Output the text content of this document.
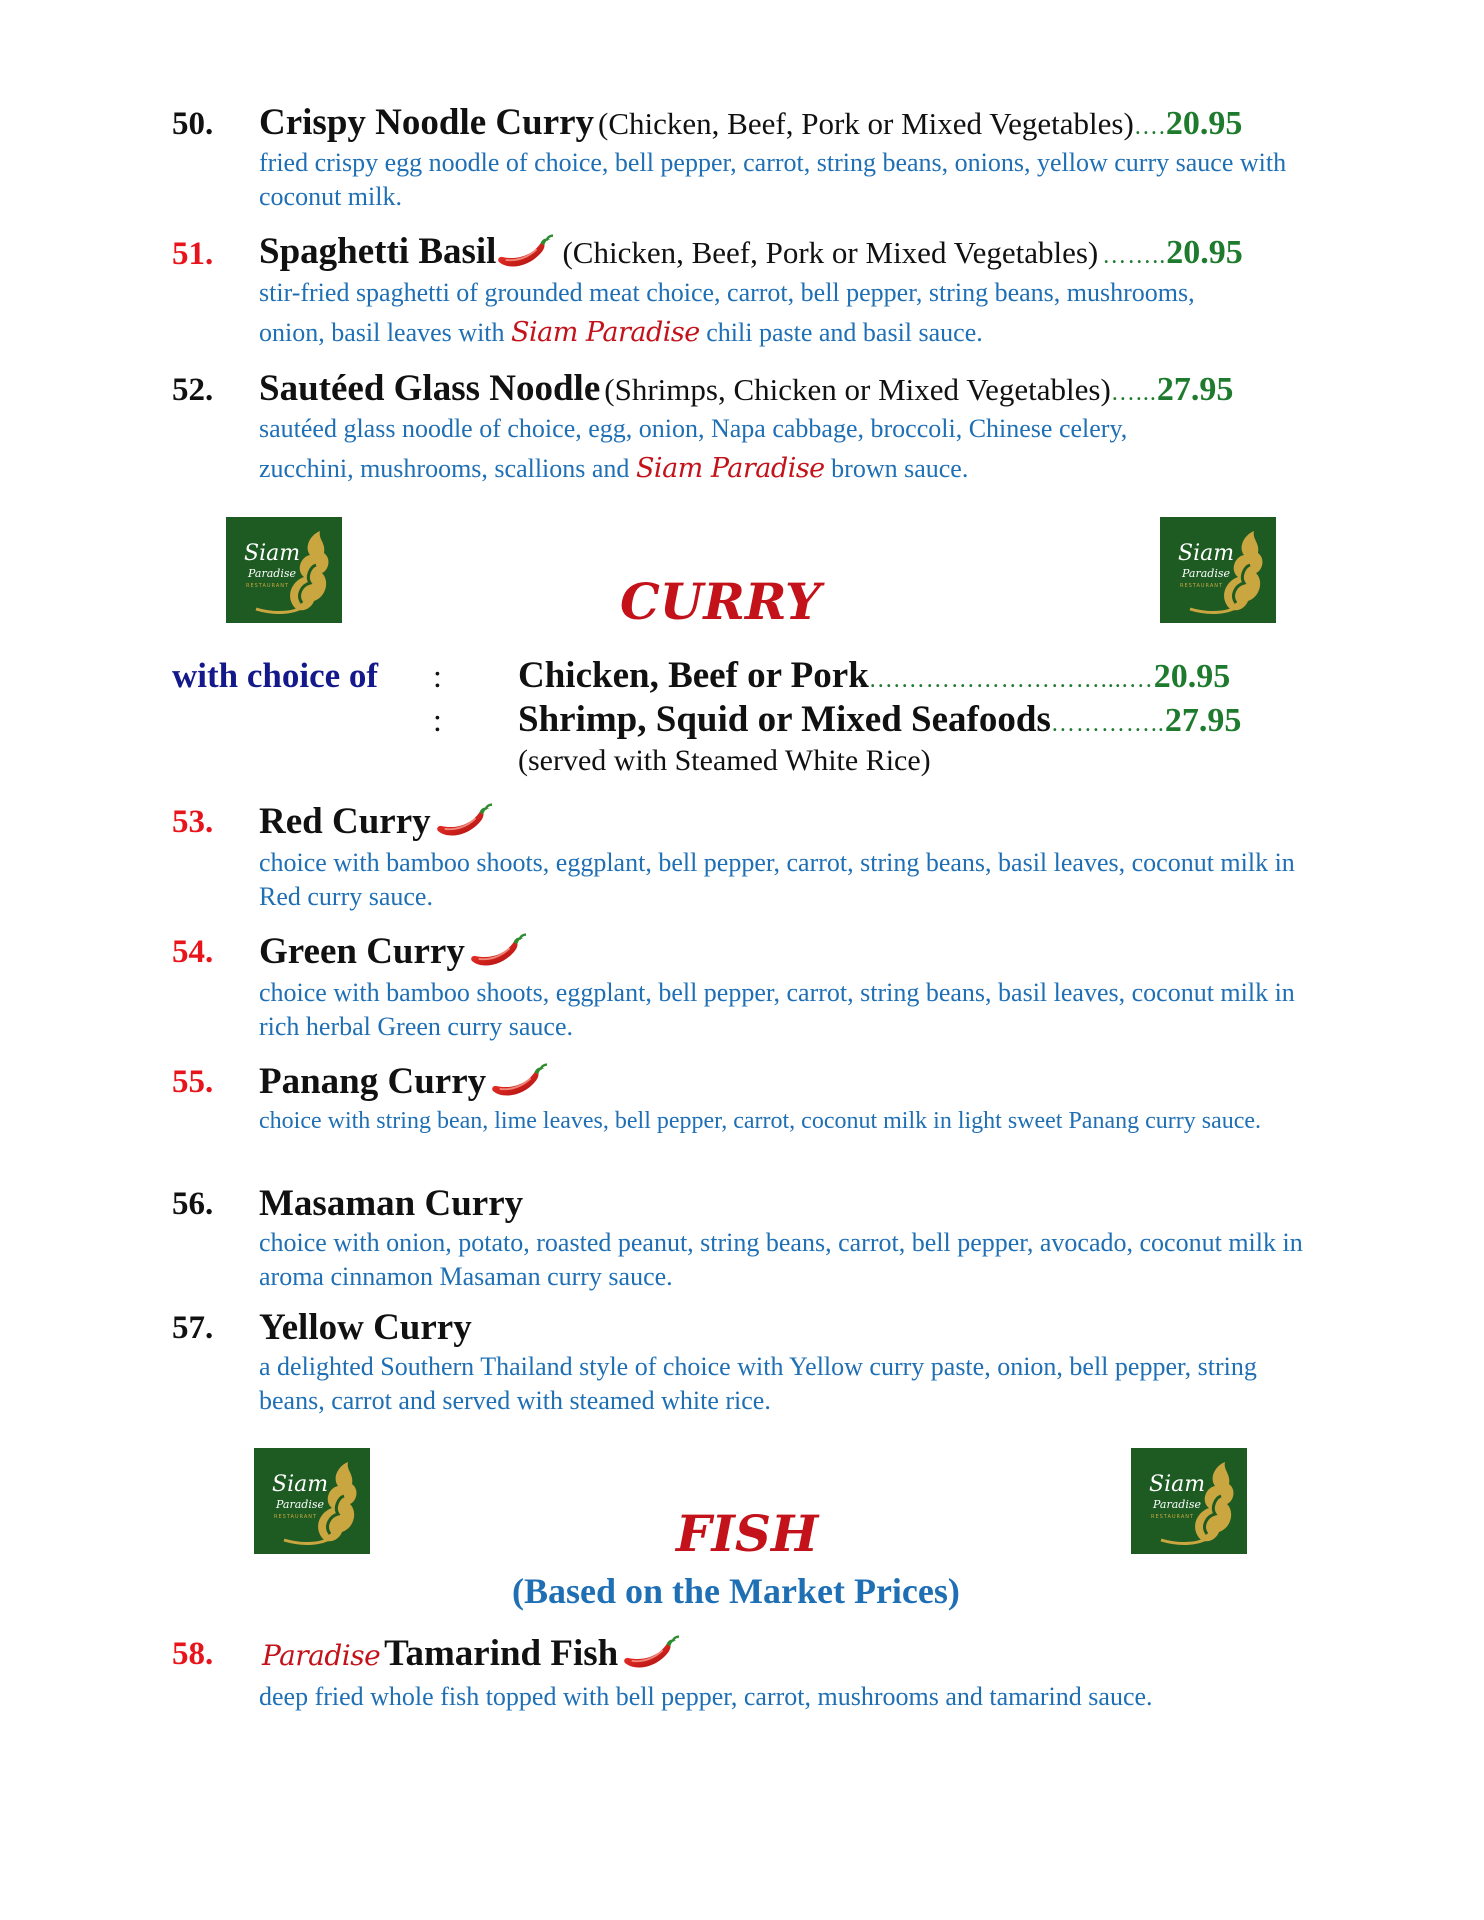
50. Crispy Noodle Curry (Chicken, Beef, Pork or Mixed Vegetables)….20.95
fried crispy egg noodle of choice, bell pepper, carrot, string beans, onions, yellow curry sauce with coconut milk.
51. Spaghetti Basil (Chicken, Beef, Pork or Mixed Vegetables) ……..20.95
stir-fried spaghetti of grounded meat choice, carrot, bell pepper, string beans, mushrooms,
onion, basil leaves with Siam Paradise chili paste and basil sauce.
52. Sautéed Glass Noodle (Shrimps, Chicken or Mixed Vegetables)…...27.95
sautéed glass noodle of choice, egg, onion, Napa cabbage, broccoli, Chinese celery,
zucchini, mushrooms, scallions and Siam Paradise brown sauce.
Siam
Paradise
RESTAURANT
Siam
Paradise
RESTAURANT
CURRY
with choice of : Chicken, Beef or Pork….……………………....…20.95
: Shrimp, Squid or Mixed Seafoods…………..27.95
(served with Steamed White Rice)
53. Red Curry
choice with bamboo shoots, eggplant, bell pepper, carrot, string beans, basil leaves, coconut milk in Red curry sauce.
54. Green Curry
choice with bamboo shoots, eggplant, bell pepper, carrot, string beans, basil leaves, coconut milk in rich herbal Green curry sauce.
55. Panang Curry
choice with string bean, lime leaves, bell pepper, carrot, coconut milk in light sweet Panang curry sauce.
56. Masaman Curry
choice with onion, potato, roasted peanut, string beans, carrot, bell pepper, avocado, coconut milk in aroma cinnamon Masaman curry sauce.
57. Yellow Curry
a delighted Southern Thailand style of choice with Yellow curry paste, onion, bell pepper, string beans, carrot and served with steamed white rice.
Siam
Paradise
RESTAURANT
Siam
Paradise
RESTAURANT
FISH
(Based on the Market Prices)
58. Paradise Tamarind Fish
deep fried whole fish topped with bell pepper, carrot, mushrooms and tamarind sauce.
